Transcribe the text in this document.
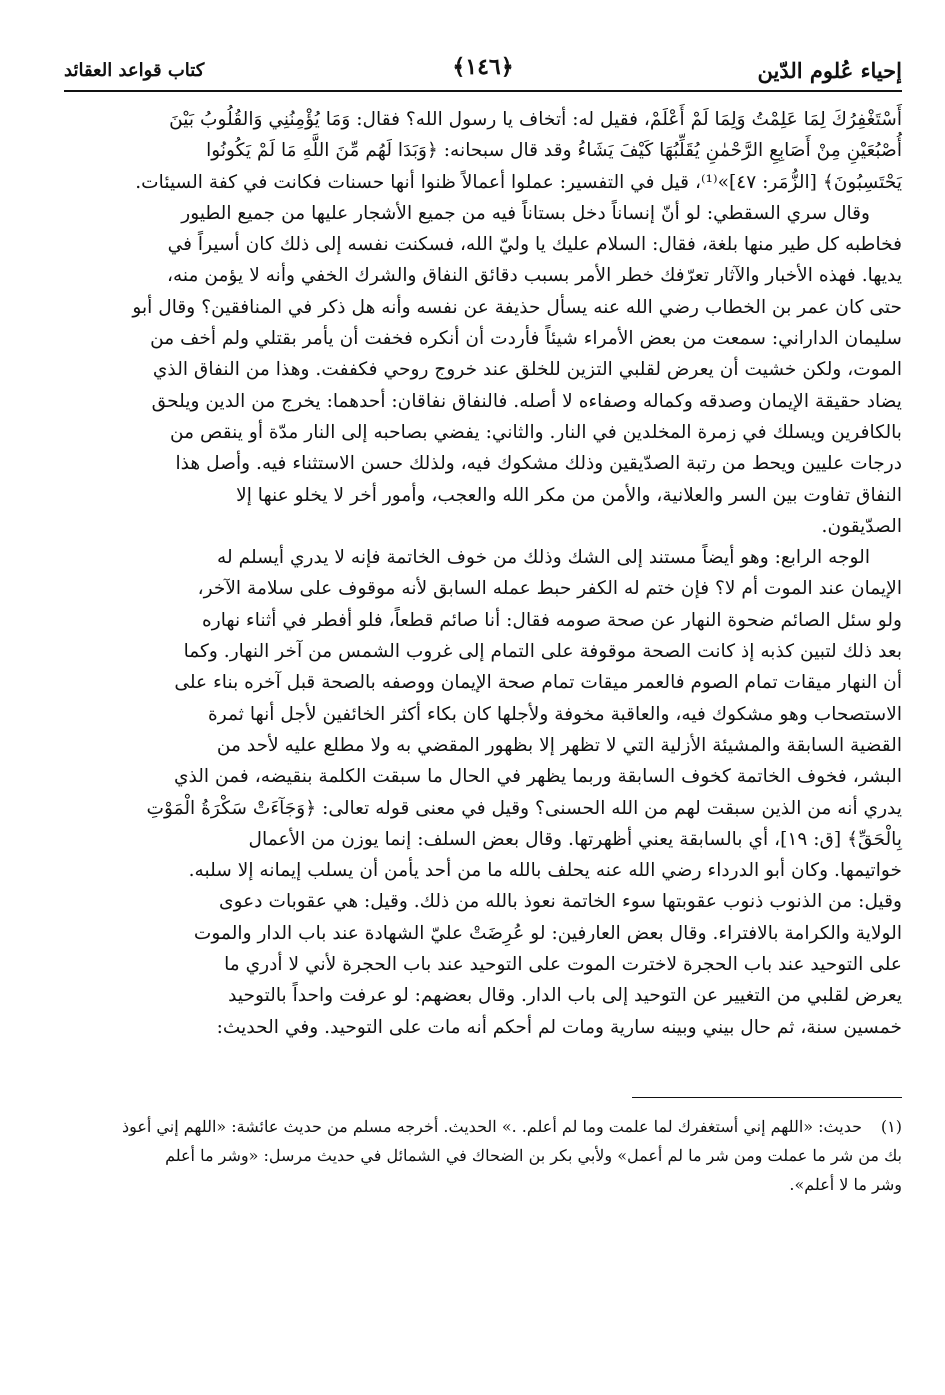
إحياء عُلوم الدّين
﴿١٤٦﴾
كتاب قواعد العقائد

أَسْتَغْفِرُكَ لِمَا عَلِمْتُ وَلِمَا لَمْ أَعْلَمْ، فقيل له: أتخاف يا رسول الله؟ فقال: وَمَا يُؤْمِنُنِي وَالقُلُوبُ بَيْنَ
أُصْبُعَيْنِ مِنْ أَصَابِعِ الرَّحْمٰنِ يُقَلِّبُهَا كَيْفَ يَشَاءُ وقد قال سبحانه: ﴿وَبَدَا لَهُم مِّنَ اللَّهِ مَا لَمْ يَكُونُوا
يَحْتَسِبُونَ﴾ [الزُّمَر: ٤٧]»⁽¹⁾، قيل في التفسير: عملوا أعمالاً ظنوا أنها حسنات فكانت في كفة السيئات.

وقال سري السقطي: لو أنّ إنساناً دخل بستاناً فيه من جميع الأشجار عليها من جميع الطيور
فخاطبه كل طير منها بلغة، فقال: السلام عليك يا وليّ الله، فسكنت نفسه إلى ذلك كان أسيراً في
يديها. فهذه الأخبار والآثار تعرّفك خطر الأمر بسبب دقائق النفاق والشرك الخفي وأنه لا يؤمن منه،
حتى كان عمر بن الخطاب رضي الله عنه يسأل حذيفة عن نفسه وأنه هل ذكر في المنافقين؟ وقال أبو
سليمان الداراني: سمعت من بعض الأمراء شيئاً فأردت أن أنكره فخفت أن يأمر بقتلي ولم أخف من
الموت، ولكن خشيت أن يعرض لقلبي التزين للخلق عند خروج روحي فكففت. وهذا من النفاق الذي
يضاد حقيقة الإيمان وصدقه وكماله وصفاءه لا أصله. فالنفاق نفاقان: أحدهما: يخرج من الدين ويلحق
بالكافرين ويسلك في زمرة المخلدين في النار. والثاني: يفضي بصاحبه إلى النار مدّة أو ينقص من
درجات عليين ويحط من رتبة الصدّيقين وذلك مشكوك فيه، ولذلك حسن الاستثناء فيه. وأصل هذا
النفاق تفاوت بين السر والعلانية، والأمن من مكر الله والعجب، وأمور أخر لا يخلو عنها إلا
الصدّيقون.

الوجه الرابع: وهو أيضاً مستند إلى الشك وذلك من خوف الخاتمة فإنه لا يدري أيسلم له
الإيمان عند الموت أم لا؟ فإن ختم له الكفر حبط عمله السابق لأنه موقوف على سلامة الآخر،
ولو سئل الصائم ضحوة النهار عن صحة صومه فقال: أنا صائم قطعاً، فلو أفطر في أثناء نهاره
بعد ذلك لتبين كذبه إذ كانت الصحة موقوفة على التمام إلى غروب الشمس من آخر النهار. وكما
أن النهار ميقات تمام الصوم فالعمر ميقات تمام صحة الإيمان ووصفه بالصحة قبل آخره بناء على
الاستصحاب وهو مشكوك فيه، والعاقبة مخوفة ولأجلها كان بكاء أكثر الخائفين لأجل أنها ثمرة
القضية السابقة والمشيئة الأزلية التي لا تظهر إلا بظهور المقضي به ولا مطلع عليه لأحد من
البشر، فخوف الخاتمة كخوف السابقة وربما يظهر في الحال ما سبقت الكلمة بنقيضه، فمن الذي
يدري أنه من الذين سبقت لهم من الله الحسنى؟ وقيل في معنى قوله تعالى: ﴿وَجَآءَتْ سَكْرَةُ الْمَوْتِ
بِالْحَقِّ﴾ [ق: ١٩]، أي بالسابقة يعني أظهرتها. وقال بعض السلف: إنما يوزن من الأعمال
خواتيمها. وكان أبو الدرداء رضي الله عنه يحلف بالله ما من أحد يأمن أن يسلب إيمانه إلا سلبه.
وقيل: من الذنوب ذنوب عقوبتها سوء الخاتمة نعوذ بالله من ذلك. وقيل: هي عقوبات دعوى
الولاية والكرامة بالافتراء. وقال بعض العارفين: لو عُرِضَتْ عليّ الشهادة عند باب الدار والموت
على التوحيد عند باب الحجرة لاخترت الموت على التوحيد عند باب الحجرة لأني لا أدري ما
يعرض لقلبي من التغيير عن التوحيد إلى باب الدار. وقال بعضهم: لو عرفت واحداً بالتوحيد
خمسين سنة، ثم حال بيني وبينه سارية ومات لم أحكم أنه مات على التوحيد. وفي الحديث:

(١)حديث: «اللهم إني أستغفرك لما علمت وما لم أعلم. .» الحديث. أخرجه مسلم من حديث عائشة: «اللهم إني أعوذ
بك من شر ما عملت ومن شر ما لم أعمل» ولأبي بكر بن الضحاك في الشمائل في حديث مرسل: «وشر ما أعلم
وشر ما لا أعلم».
